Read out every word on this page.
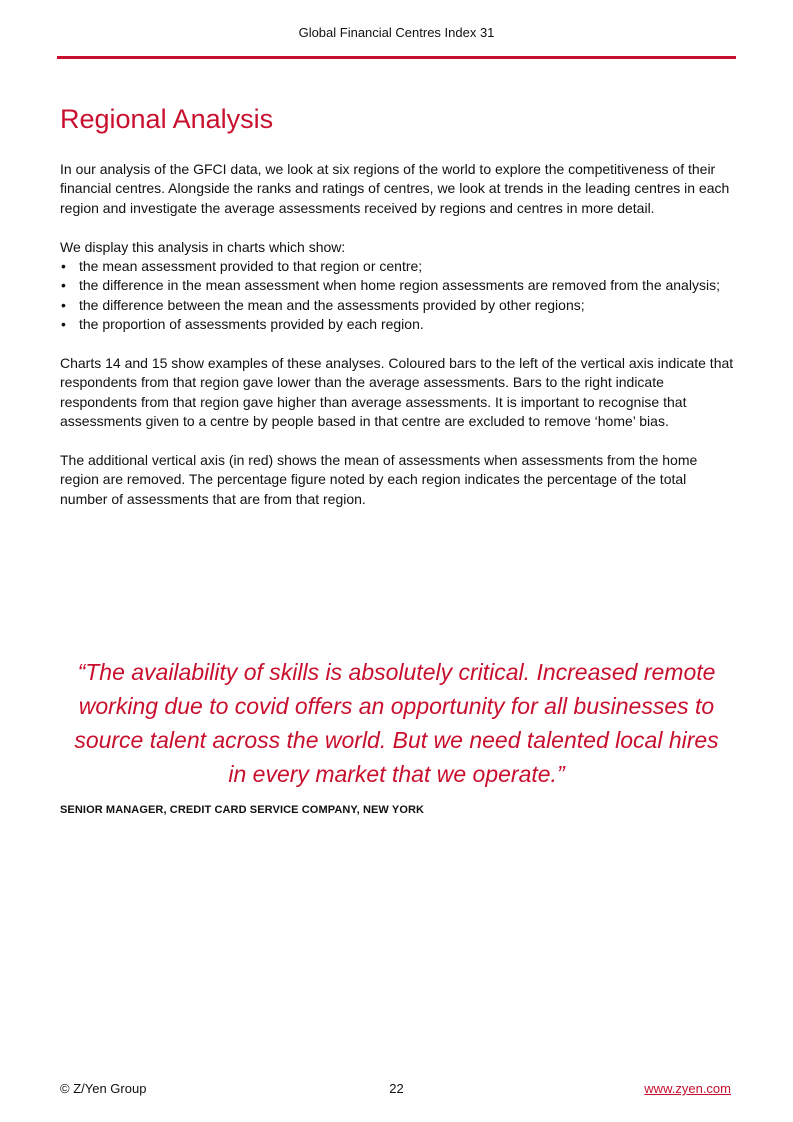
Global Financial Centres Index 31
Regional Analysis

In our analysis of the GFCI data, we look at six regions of the world to explore the competitiveness of their financial centres. Alongside the ranks and ratings of centres, we look at trends in the leading centres in each region and investigate the average assessments received by regions and centres in more detail.

We display this analysis in charts which show:

• the mean assessment provided to that region or centre;
• the difference in the mean assessment when home region assessments are removed from the analysis;
• the difference between the mean and the assessments provided by other regions;
• the proportion of assessments provided by each region.

Charts 14 and 15 show examples of these analyses. Coloured bars to the left of the vertical axis indicate that respondents from that region gave lower than the average assessments. Bars to the right indicate respondents from that region gave higher than average assessments. It is important to recognise that assessments given to a centre by people based in that centre are excluded to remove ‘home’ bias.

The additional vertical axis (in red) shows the mean of assessments when assessments from the home region are removed. The percentage figure noted by each region indicates the percentage of the total number of assessments that are from that region.

“The availability of skills is absolutely critical. Increased remote working due to covid offers an opportunity for all businesses to source talent across the world. But we need talented local hires in every market that we operate.”

SENIOR MANAGER, CREDIT CARD SERVICE COMPANY, NEW YORK
© Z/Yen Group	22	www.zyen.com
